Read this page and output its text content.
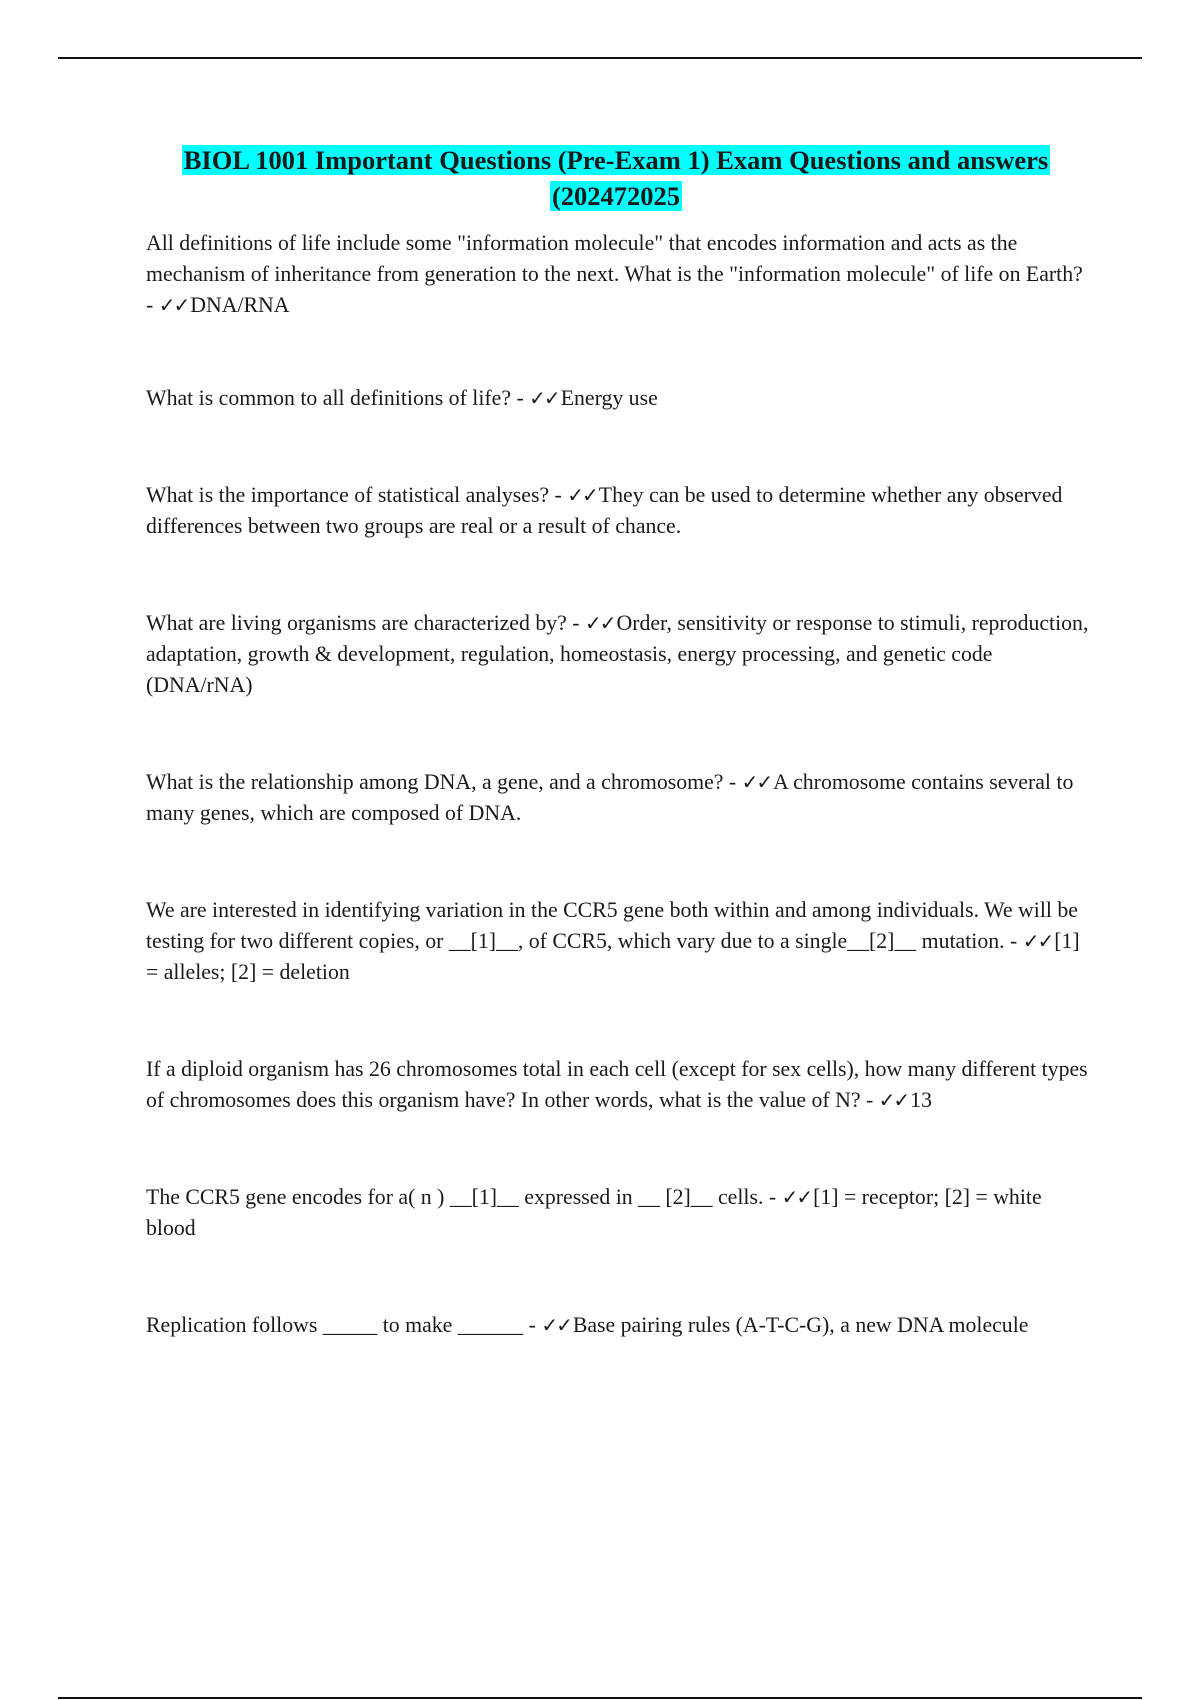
BIOL 1001 Important Questions (Pre-Exam 1) Exam Questions and answers
(202472025

All definitions of life include some "information molecule" that encodes information and acts as the mechanism of inheritance from generation to the next. What is the "information molecule" of life on Earth? - ✓✓DNA/RNA

What is common to all definitions of life? - ✓✓Energy use

What is the importance of statistical analyses? - ✓✓They can be used to determine whether any observed differences between two groups are real or a result of chance.

What are living organisms are characterized by? - ✓✓Order, sensitivity or response to stimuli, reproduction, adaptation, growth & development, regulation, homeostasis, energy processing, and genetic code (DNA/rNA)

What is the relationship among DNA, a gene, and a chromosome? - ✓✓A chromosome contains several to many genes, which are composed of DNA.

We are interested in identifying variation in the CCR5 gene both within and among individuals. We will be testing for two different copies, or __[1]__, of CCR5, which vary due to a single__[2]__ mutation. - ✓✓[1] = alleles; [2] = deletion

If a diploid organism has 26 chromosomes total in each cell (except for sex cells), how many different types of chromosomes does this organism have? In other words, what is the value of N? - ✓✓13

The CCR5 gene encodes for a( n ) __[1]__ expressed in __ [2]__ cells. - ✓✓[1] = receptor; [2] = white blood

Replication follows _____ to make ______ - ✓✓Base pairing rules (A-T-C-G), a new DNA molecule
